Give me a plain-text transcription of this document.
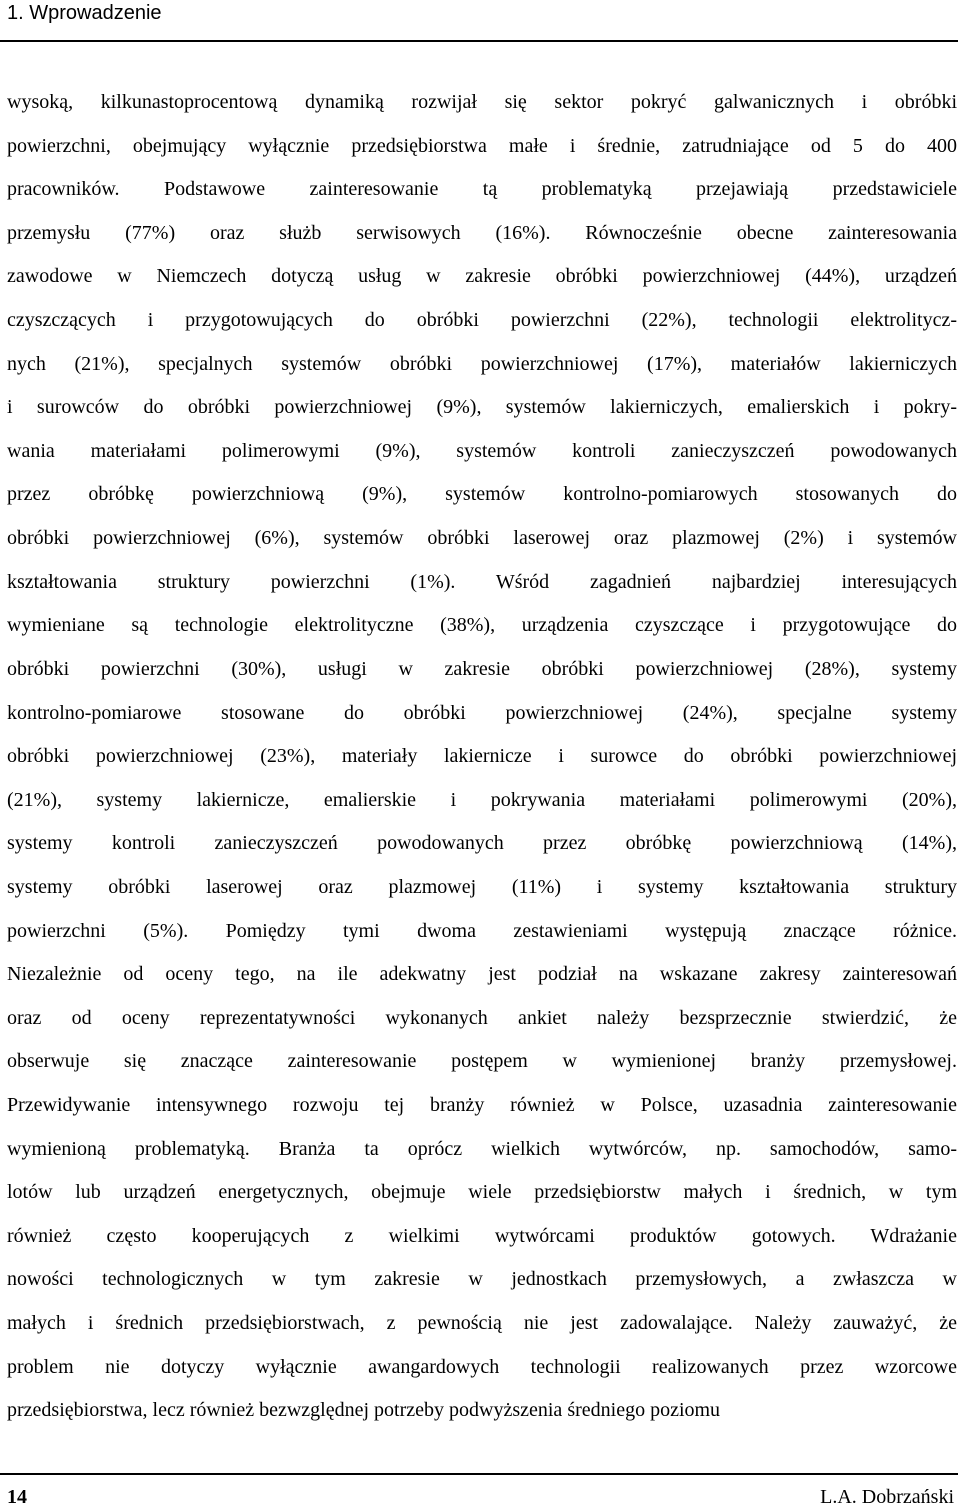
1. Wprowadzenie
wysoką, kilkunastoprocentową dynamiką rozwijał się sektor pokryć galwanicznych i obróbki
powierzchni, obejmujący wyłącznie przedsiębiorstwa małe i średnie, zatrudniające od 5 do 400
pracowników. Podstawowe zainteresowanie tą problematyką przejawiają przedstawiciele
przemysłu (77%) oraz służb serwisowych (16%). Równocześnie obecne zainteresowania
zawodowe w Niemczech dotyczą usług w zakresie obróbki powierzchniowej (44%), urządzeń
czyszczących i przygotowujących do obróbki powierzchni (22%), technologii elektrolitycz-
nych (21%), specjalnych systemów obróbki powierzchniowej (17%), materiałów lakierniczych
i surowców do obróbki powierzchniowej (9%), systemów lakierniczych, emalierskich i pokry-
wania materiałami polimerowymi (9%), systemów kontroli zanieczyszczeń powodowanych
przez obróbkę powierzchniową (9%), systemów kontrolno-pomiarowych stosowanych do
obróbki powierzchniowej (6%), systemów obróbki laserowej oraz plazmowej (2%) i systemów
kształtowania struktury powierzchni (1%). Wśród zagadnień najbardziej interesujących
wymieniane są technologie elektrolityczne (38%), urządzenia czyszczące i przygotowujące do
obróbki powierzchni (30%), usługi w zakresie obróbki powierzchniowej (28%), systemy
kontrolno-pomiarowe stosowane do obróbki powierzchniowej (24%), specjalne systemy
obróbki powierzchniowej (23%), materiały lakiernicze i surowce do obróbki powierzchniowej
(21%), systemy lakiernicze, emalierskie i pokrywania materiałami polimerowymi (20%),
systemy kontroli zanieczyszczeń powodowanych przez obróbkę powierzchniową (14%),
systemy obróbki laserowej oraz plazmowej (11%) i systemy kształtowania struktury
powierzchni (5%). Pomiędzy tymi dwoma zestawieniami występują znaczące różnice.
Niezależnie od oceny tego, na ile adekwatny jest podział na wskazane zakresy zainteresowań
oraz od oceny reprezentatywności wykonanych ankiet należy bezsprzecznie stwierdzić, że
obserwuje się znaczące zainteresowanie postępem w wymienionej branży przemysłowej.
Przewidywanie intensywnego rozwoju tej branży również w Polsce, uzasadnia zainteresowanie
wymienioną problematyką. Branża ta oprócz wielkich wytwórców, np. samochodów, samo-
lotów lub urządzeń energetycznych, obejmuje wiele przedsiębiorstw małych i średnich, w tym
również często kooperujących z wielkimi wytwórcami produktów gotowych. Wdrażanie
nowości technologicznych w tym zakresie w jednostkach przemysłowych, a zwłaszcza w
małych i średnich przedsiębiorstwach, z pewnością nie jest zadowalające. Należy zauważyć, że
problem nie dotyczy wyłącznie awangardowych technologii realizowanych przez wzorcowe
przedsiębiorstwa, lecz również bezwzględnej potrzeby podwyższenia średniego poziomu
14	L.A. Dobrzański
